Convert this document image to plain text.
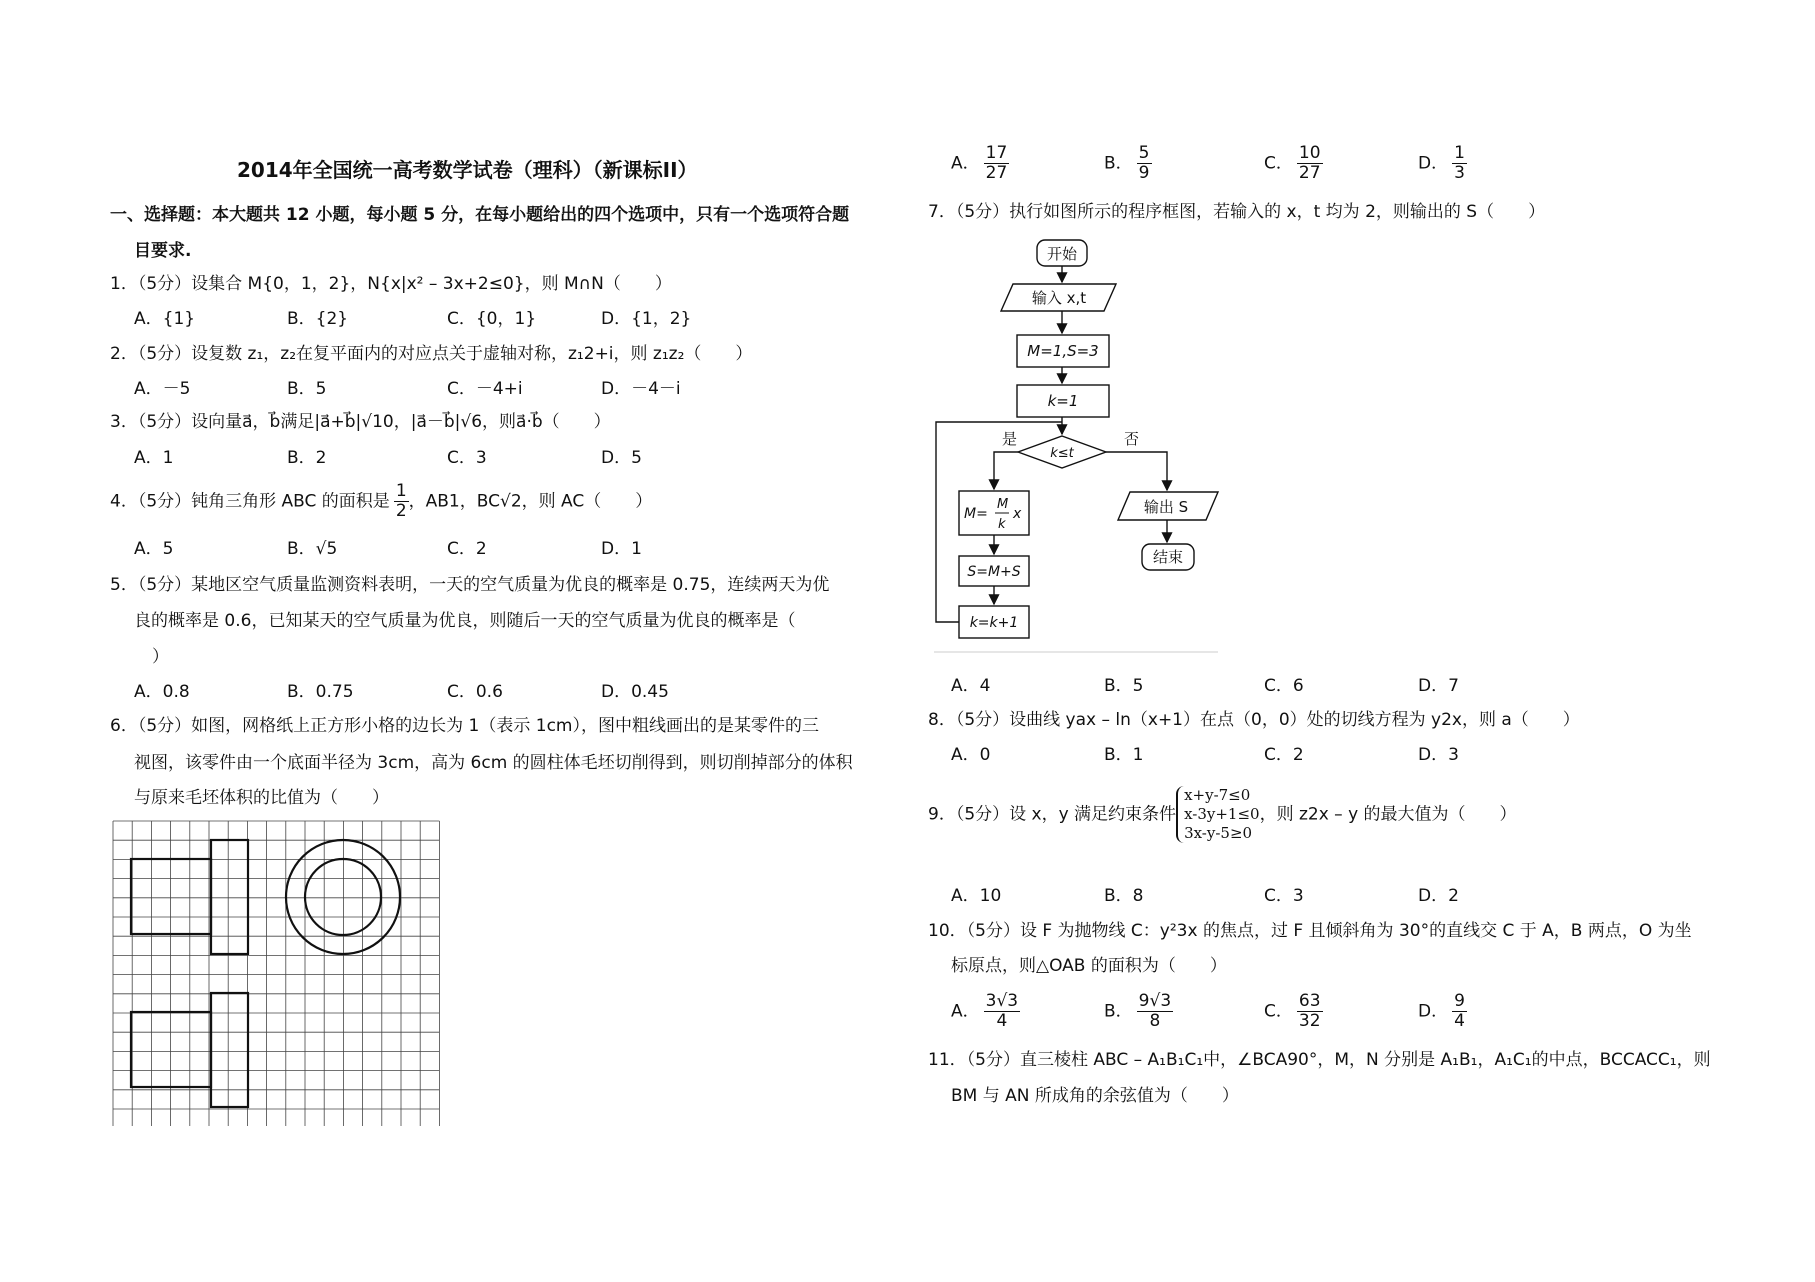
2014年全国统一高考数学试卷（理科）（新课标II）
一、选择题：本大题共 12 小题，每小题 5 分，在每小题给出的四个选项中，只有一个选项符合题
目要求.
1．（5分）设集合 M{0，1，2}，N{x|x² – 3x+2≤0}，则 M∩N（　　）
A．{1}	B．{2}	C．{0，1}	D．{1，2}
2．（5分）设复数 z₁，z₂在复平面内的对应点关于虚轴对称，z₁2+i，则 z₁z₂（　　）
A．－5	B．5	C．－4+i	D．－4－i
3．（5分）设向量a⃗，b⃗满足|a⃗+b⃗|√10，|a⃗－b⃗|√6，则a⃗·b⃗（　　）
A．1	B．2	C．3	D．5
4．（5分）钝角三角形 ABC 的面积是 $\frac{1}{2}$ ，AB1，BC√2，则 AC（　　）
A．5	B．√5	C．2	D．1
5．（5分）某地区空气质量监测资料表明，一天的空气质量为优良的概率是 0.75，连续两天为优
良的概率是 0.6，已知某天的空气质量为优良，则随后一天的空气质量为优良的概率是（
）
A．0.8	B．0.75	C．0.6	D．0.45
6．（5分）如图，网格纸上正方形小格的边长为 1（表示 1cm），图中粗线画出的是某零件的三
视图，该零件由一个底面半径为 3cm，高为 6cm 的圆柱体毛坯切削得到，则切削掉部分的体积
与原来毛坯体积的比值为（　　）
A． $\frac{17}{27}$	B． $\frac{5}{9}$	C． $\frac{10}{27}$	D． $\frac{1}{3}$
7．（5分）执行如图所示的程序框图，若输入的 x，t 均为 2，则输出的 S（　　）
开始
输入 x,t
M=1,S=3
k=1
k≤t
是	否
M=
M
k
x
S=M+S
k=k+1
输出 S
结束
A．4	B．5	C．6	D．7
8．（5分）设曲线 yax – ln（x+1）在点（0，0）处的切线方程为 y2x，则 a（　　）
A．0	B．1	C．2	D．3
9．（5分）设 x，y 满足约束条件
x+y-7≤0
x-3y+1≤0
3x-y-5≥0
，则 z2x – y 的最大值为（　　）
A．10	B．8	C．3	D．2
10．（5分）设 F 为抛物线 C：y²3x 的焦点，过 F 且倾斜角为 30°的直线交 C 于 A，B 两点，O 为坐
标原点，则△OAB 的面积为（　　）
A． $\frac{3√3}{4}$	B． $\frac{9√3}{8}$	C． $\frac{63}{32}$	D． $\frac{9}{4}$
11．（5分）直三棱柱 ABC – A₁B₁C₁中，∠BCA90°，M，N 分别是 A₁B₁，A₁C₁的中点，BCCACC₁，则
BM 与 AN 所成角的余弦值为（　　）
